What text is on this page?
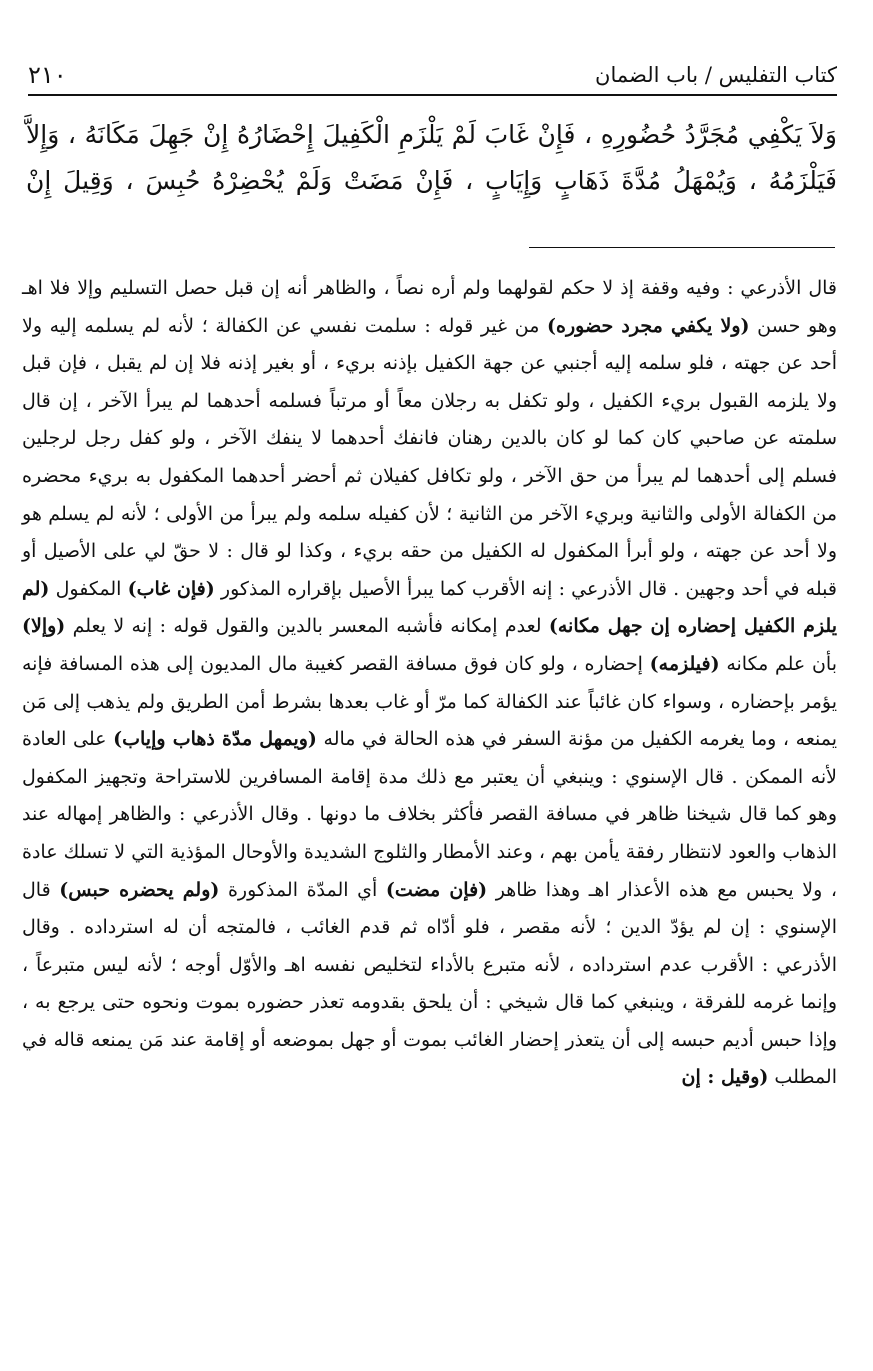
كتاب التفليس / باب الضمان
٢١٠

وَلاَ يَكْفِي مُجَرَّدُ حُضُورِهِ ، فَإِنْ غَابَ لَمْ يَلْزَمِ الْكَفِيلَ إِحْضَارُهُ إِنْ جَهِلَ مَكَانَهُ ، وَإِلاَّ فَيَلْزَمُهُ ، وَيُمْهَلُ مُدَّةَ ذَهَابٍ وَإِيَابٍ ، فَإِنْ مَضَتْ وَلَمْ يُحْضِرْهُ حُبِسَ ، وَقِيلَ إِنْ

قال الأذرعي : وفيه وقفة إذ لا حكم لقولهما ولم أره نصاً ، والظاهر أنه إن قبل حصل التسليم وإلا فلا اهـ وهو حسن (ولا يكفي مجرد حضوره) من غير قوله : سلمت نفسي عن الكفالة ؛ لأنه لم يسلمه إليه ولا أحد عن جهته ، فلو سلمه إليه أجنبي عن جهة الكفيل بإذنه بريء ، أو بغير إذنه فلا إن لم يقبل ، فإن قبل ولا يلزمه القبول بريء الكفيل ، ولو تكفل به رجلان معاً أو مرتباً فسلمه أحدهما لم يبرأ الآخر ، إن قال سلمته عن صاحبي كان كما لو كان بالدين رهنان فانفك أحدهما لا ينفك الآخر ، ولو كفل رجل لرجلين فسلم إلى أحدهما لم يبرأ من حق الآخر ، ولو تكافل كفيلان ثم أحضر أحدهما المكفول به بريء محضره من الكفالة الأولى والثانية وبريء الآخر من الثانية ؛ لأن كفيله سلمه ولم يبرأ من الأولى ؛ لأنه لم يسلم هو ولا أحد عن جهته ، ولو أبرأ المكفول له الكفيل من حقه بريء ، وكذا لو قال : لا حقّ لي على الأصيل أو قبله في أحد وجهين . قال الأذرعي : إنه الأقرب كما يبرأ الأصيل بإقراره المذكور (فإن غاب) المكفول (لم يلزم الكفيل إحضاره إن جهل مكانه) لعدم إمكانه فأشبه المعسر بالدين والقول قوله : إنه لا يعلم (وإلا) بأن علم مكانه (فيلزمه) إحضاره ، ولو كان فوق مسافة القصر كغيبة مال المديون إلى هذه المسافة فإنه يؤمر بإحضاره ، وسواء كان غائباً عند الكفالة كما مرّ أو غاب بعدها بشرط أمن الطريق ولم يذهب إلى مَن يمنعه ، وما يغرمه الكفيل من مؤنة السفر في هذه الحالة في ماله (ويمهل مدّة ذهاب وإياب) على العادة لأنه الممكن . قال الإسنوي : وينبغي أن يعتبر مع ذلك مدة إقامة المسافرين للاستراحة وتجهيز المكفول وهو كما قال شيخنا ظاهر في مسافة القصر فأكثر بخلاف ما دونها . وقال الأذرعي : والظاهر إمهاله عند الذهاب والعود لانتظار رفقة يأمن بهم ، وعند الأمطار والثلوج الشديدة والأوحال المؤذية التي لا تسلك عادة ، ولا يحبس مع هذه الأعذار اهـ وهذا ظاهر (فإن مضت) أي المدّة المذكورة (ولم يحضره حبس) قال الإسنوي : إن لم يؤدّ الدين ؛ لأنه مقصر ، فلو أدّاه ثم قدم الغائب ، فالمتجه أن له استرداده . وقال الأذرعي : الأقرب عدم استرداده ، لأنه متبرع بالأداء لتخليص نفسه اهـ والأوّل أوجه ؛ لأنه ليس متبرعاً ، وإنما غرمه للفرقة ، وينبغي كما قال شيخي : أن يلحق بقدومه تعذر حضوره بموت ونحوه حتى يرجع به ، وإذا حبس أديم حبسه إلى أن يتعذر إحضار الغائب بموت أو جهل بموضعه أو إقامة عند مَن يمنعه قاله في المطلب (وقيل : إن
